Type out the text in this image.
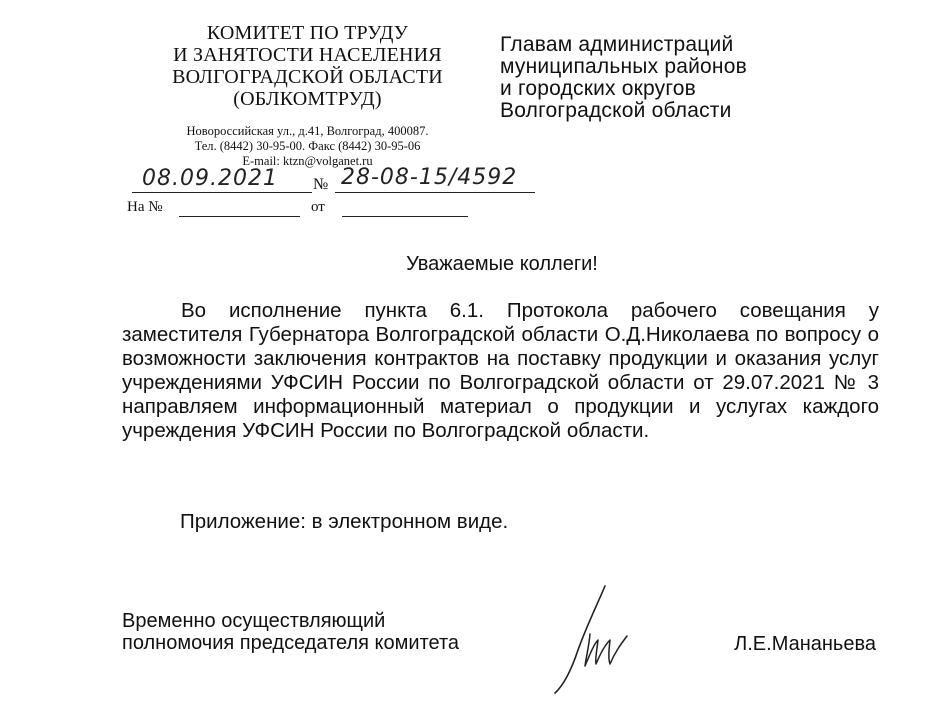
КОМИТЕТ ПО ТРУДУ
И ЗАНЯТОСТИ НАСЕЛЕНИЯ
ВОЛГОГРАДСКОЙ ОБЛАСТИ
(ОБЛКОМТРУД)
Новороссийская ул., д.41, Волгоград, 400087.
Тел. (8442) 30-95-00. Факс (8442) 30-95-06
E-mail: ktzn@volganet.ru
Главам администраций
муниципальных районов
и городских округов
Волгоградской области
08.09.2021 № 28-08-15/4592
На №	от
Уважаемые коллеги!
Во исполнение пункта 6.1. Протокола рабочего совещания у заместителя Губернатора Волгоградской области О.Д.Николаева по вопросу о возможности заключения контрактов на поставку продукции и оказания услуг учреждениями УФСИН России по Волгоградской области от 29.07.2021 № 3 направляем информационный материал о продукции и услугах каждого учреждения УФСИН России по Волгоградской области.
Приложение: в электронном виде.
Временно осуществляющий
полномочия председателя комитета	Л.Е.Мананьева
